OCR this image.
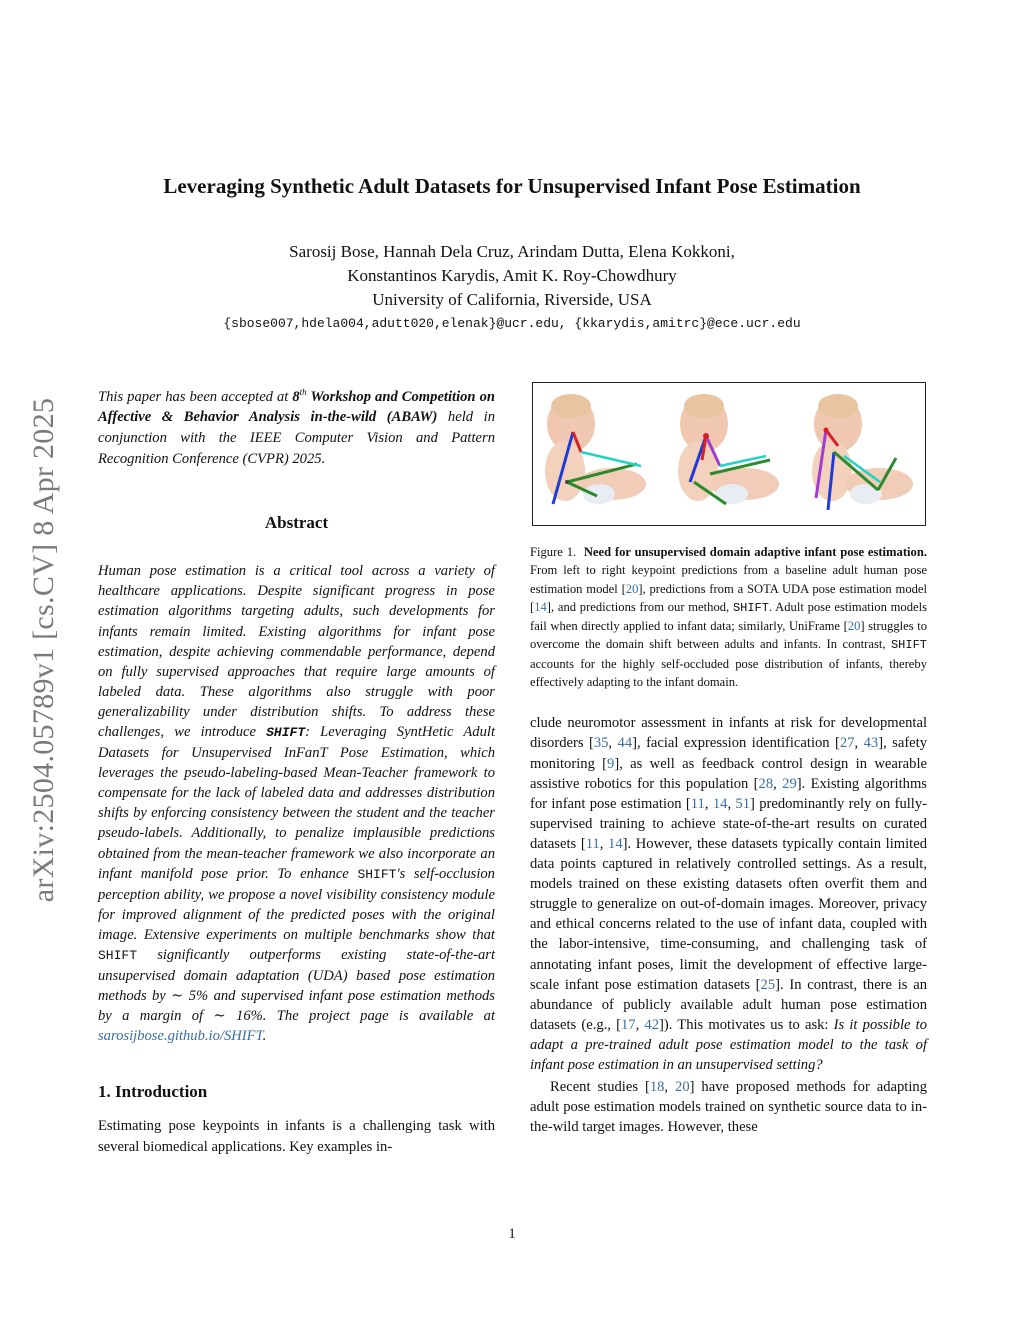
arXiv:2504.05789v1 [cs.CV] 8 Apr 2025
Leveraging Synthetic Adult Datasets for Unsupervised Infant Pose Estimation
Sarosij Bose, Hannah Dela Cruz, Arindam Dutta, Elena Kokkoni,
Konstantinos Karydis, Amit K. Roy-Chowdhury
University of California, Riverside, USA
{sbose007,hdela004,adutt020,elenak}@ucr.edu, {kkarydis,amitrc}@ece.ucr.edu

This paper has been accepted at 8th Workshop and Competition on Affective & Behavior Analysis in-the-wild (ABAW) held in conjunction with the IEEE Computer Vision and Pattern Recognition Conference (CVPR) 2025.

Abstract

Human pose estimation is a critical tool across a variety of healthcare applications. Despite significant progress in pose estimation algorithms targeting adults, such developments for infants remain limited. Existing algorithms for infant pose estimation, despite achieving commendable performance, depend on fully supervised approaches that require large amounts of labeled data. These algorithms also struggle with poor generalizability under distribution shifts. To address these challenges, we introduce SHIFT: Leveraging SyntHetic Adult Datasets for Unsupervised InFanT Pose Estimation, which leverages the pseudo-labeling-based Mean-Teacher framework to compensate for the lack of labeled data and addresses distribution shifts by enforcing consistency between the student and the teacher pseudo-labels. Additionally, to penalize implausible predictions obtained from the mean-teacher framework we also incorporate an infant manifold pose prior. To enhance SHIFT's self-occlusion perception ability, we propose a novel visibility consistency module for improved alignment of the predicted poses with the original image. Extensive experiments on multiple benchmarks show that SHIFT significantly outperforms existing state-of-the-art unsupervised domain adaptation (UDA) based pose estimation methods by ∼ 5% and supervised infant pose estimation methods by a margin of ∼ 16%. The project page is available at sarosijbose.github.io/SHIFT.

1. Introduction

Estimating pose keypoints in infants is a challenging task with several biomedical applications. Key examples in-

Figure 1. Need for unsupervised domain adaptive infant pose estimation. From left to right keypoint predictions from a baseline adult human pose estimation model [20], predictions from a SOTA UDA pose estimation model [14], and predictions from our method, SHIFT. Adult pose estimation models fail when directly applied to infant data; similarly, UniFrame [20] struggles to overcome the domain shift between adults and infants. In contrast, SHIFT accounts for the highly self-occluded pose distribution of infants, thereby effectively adapting to the infant domain.

clude neuromotor assessment in infants at risk for developmental disorders [35, 44], facial expression identification [27, 43], safety monitoring [9], as well as feedback control design in wearable assistive robotics for this population [28, 29]. Existing algorithms for infant pose estimation [11, 14, 51] predominantly rely on fully-supervised training to achieve state-of-the-art results on curated datasets [11, 14]. However, these datasets typically contain limited data points captured in relatively controlled settings. As a result, models trained on these existing datasets often overfit them and struggle to generalize on out-of-domain images. Moreover, privacy and ethical concerns related to the use of infant data, coupled with the labor-intensive, time-consuming, and challenging task of annotating infant poses, limit the development of effective large-scale infant pose estimation datasets [25]. In contrast, there is an abundance of publicly available adult human pose estimation datasets (e.g., [17, 42]). This motivates us to ask: Is it possible to adapt a pre-trained adult pose estimation model to the task of infant pose estimation in an unsupervised setting?

Recent studies [18, 20] have proposed methods for adapting adult pose estimation models trained on synthetic source data to in-the-wild target images. However, these

1
